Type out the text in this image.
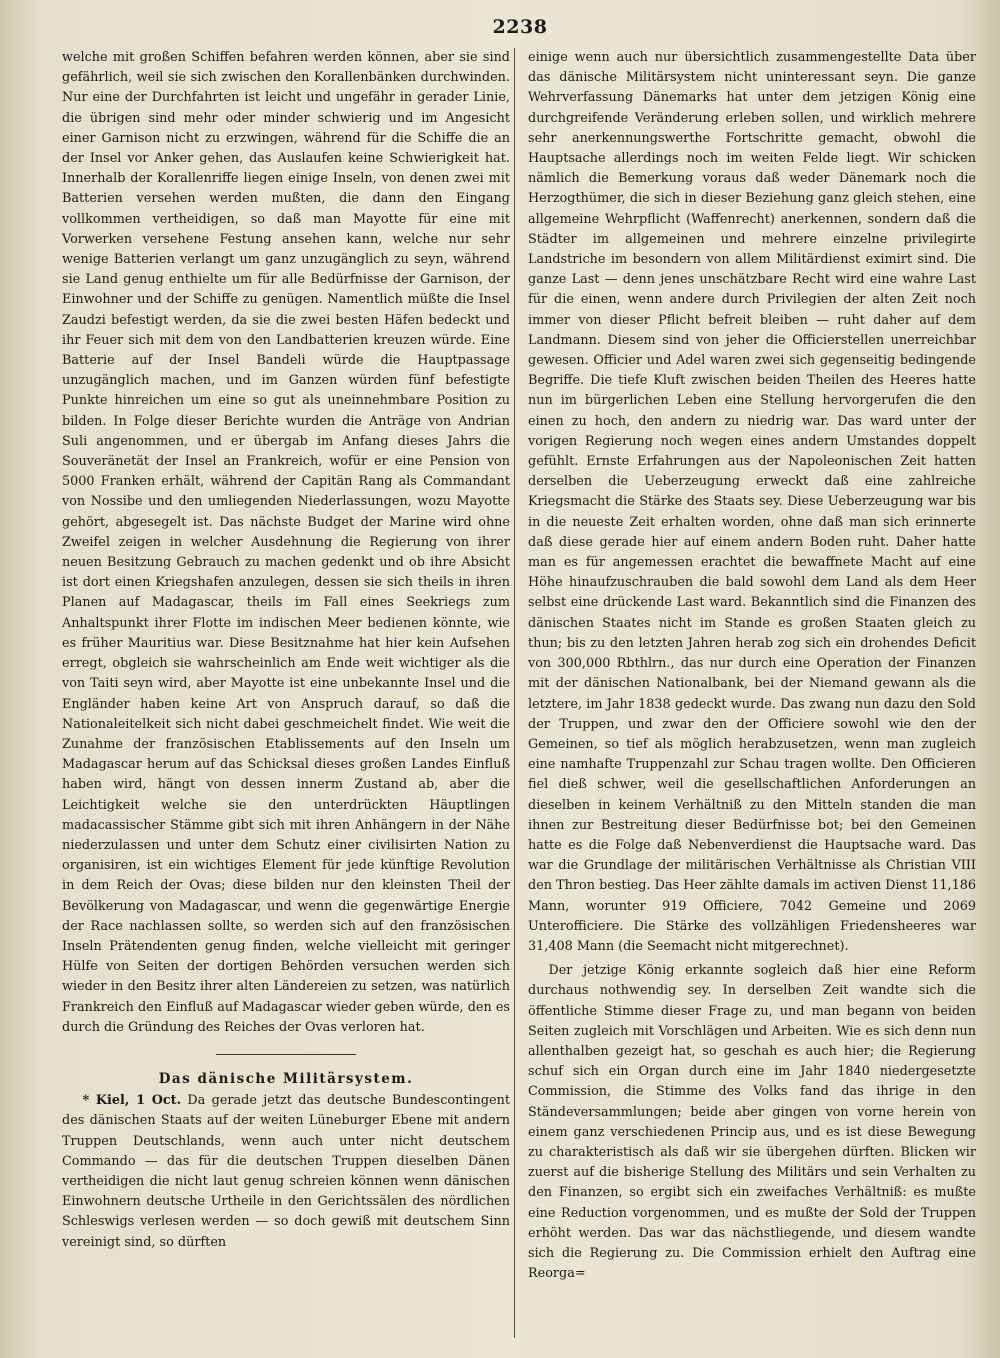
2238

welche mit großen Schiffen befahren werden können, aber sie sind gefährlich, weil sie sich zwischen den Korallenbänken durchwinden. Nur eine der Durchfahrten ist leicht und ungefähr in gerader Linie, die übrigen sind mehr oder minder schwierig und im Angesicht einer Garnison nicht zu erzwingen, während für die Schiffe die an der Insel vor Anker gehen, das Auslaufen keine Schwierigkeit hat. Innerhalb der Korallenriffe liegen einige Inseln, von denen zwei mit Batterien versehen werden mußten, die dann den Eingang vollkommen vertheidigen, so daß man Mayotte für eine mit Vorwerken versehene Festung ansehen kann, welche nur sehr wenige Batterien verlangt um ganz unzugänglich zu seyn, während sie Land genug enthielte um für alle Bedürfnisse der Garnison, der Einwohner und der Schiffe zu genügen. Namentlich müßte die Insel Zaudzi befestigt werden, da sie die zwei besten Häfen bedeckt und ihr Feuer sich mit dem von den Landbatterien kreuzen würde. Eine Batterie auf der Insel Bandeli würde die Hauptpassage unzugänglich machen, und im Ganzen würden fünf befestigte Punkte hinreichen um eine so gut als uneinnehmbare Position zu bilden. In Folge dieser Berichte wurden die Anträge von Andrian Suli angenommen, und er übergab im Anfang dieses Jahrs die Souveränetät der Insel an Frankreich, wofür er eine Pension von 5000 Franken erhält, während der Capitän Rang als Commandant von Nossibe und den umliegenden Niederlassungen, wozu Mayotte gehört, abgesegelt ist. Das nächste Budget der Marine wird ohne Zweifel zeigen in welcher Ausdehnung die Regierung von ihrer neuen Besitzung Gebrauch zu machen gedenkt und ob ihre Absicht ist dort einen Kriegshafen anzulegen, dessen sie sich theils in ihren Planen auf Madagascar, theils im Fall eines Seekriegs zum Anhaltspunkt ihrer Flotte im indischen Meer bedienen könnte, wie es früher Mauritius war. Diese Besitznahme hat hier kein Aufsehen erregt, obgleich sie wahrscheinlich am Ende weit wichtiger als die von Taiti seyn wird, aber Mayotte ist eine unbekannte Insel und die Engländer haben keine Art von Anspruch darauf, so daß die Nationaleitelkeit sich nicht dabei geschmeichelt findet. Wie weit die Zunahme der französischen Etablissements auf den Inseln um Madagascar herum auf das Schicksal dieses großen Landes Einfluß haben wird, hängt von dessen innerm Zustand ab, aber die Leichtigkeit welche sie den unterdrückten Häuptlingen madacassischer Stämme gibt sich mit ihren Anhängern in der Nähe niederzulassen und unter dem Schutz einer civilisirten Nation zu organisiren, ist ein wichtiges Element für jede künftige Revolution in dem Reich der Ovas; diese bilden nur den kleinsten Theil der Bevölkerung von Madagascar, und wenn die gegenwärtige Energie der Race nachlassen sollte, so werden sich auf den französischen Inseln Prätendenten genug finden, welche vielleicht mit geringer Hülfe von Seiten der dortigen Behörden versuchen werden sich wieder in den Besitz ihrer alten Ländereien zu setzen, was natürlich Frankreich den Einfluß auf Madagascar wieder geben würde, den es durch die Gründung des Reiches der Ovas verloren hat.

Das dänische Militärsystem.

* Kiel, 1 Oct. Da gerade jetzt das deutsche Bundescontingent des dänischen Staats auf der weiten Lüneburger Ebene mit andern Truppen Deutschlands, wenn auch unter nicht deutschem Commando — das für die deutschen Truppen dieselben Dänen vertheidigen die nicht laut genug schreien können wenn dänischen Einwohnern deutsche Urtheile in den Gerichtssälen des nördlichen Schleswigs verlesen werden — so doch gewiß mit deutschem Sinn vereinigt sind, so dürften

einige wenn auch nur übersichtlich zusammengestellte Data über das dänische Militärsystem nicht uninteressant seyn. Die ganze Wehrverfassung Dänemarks hat unter dem jetzigen König eine durchgreifende Veränderung erleben sollen, und wirklich mehrere sehr anerkennungswerthe Fortschritte gemacht, obwohl die Hauptsache allerdings noch im weiten Felde liegt. Wir schicken nämlich die Bemerkung voraus daß weder Dänemark noch die Herzogthümer, die sich in dieser Beziehung ganz gleich stehen, eine allgemeine Wehrpflicht (Waffenrecht) anerkennen, sondern daß die Städter im allgemeinen und mehrere einzelne privilegirte Landstriche im besondern von allem Militärdienst eximirt sind. Die ganze Last — denn jenes unschätzbare Recht wird eine wahre Last für die einen, wenn andere durch Privilegien der alten Zeit noch immer von dieser Pflicht befreit bleiben — ruht daher auf dem Landmann. Diesem sind von jeher die Officierstellen unerreichbar gewesen. Officier und Adel waren zwei sich gegenseitig bedingende Begriffe. Die tiefe Kluft zwischen beiden Theilen des Heeres hatte nun im bürgerlichen Leben eine Stellung hervorgerufen die den einen zu hoch, den andern zu niedrig war. Das ward unter der vorigen Regierung noch wegen eines andern Umstandes doppelt gefühlt. Ernste Erfahrungen aus der Napoleonischen Zeit hatten derselben die Ueberzeugung erweckt daß eine zahlreiche Kriegsmacht die Stärke des Staats sey. Diese Ueberzeugung war bis in die neueste Zeit erhalten worden, ohne daß man sich erinnerte daß diese gerade hier auf einem andern Boden ruht. Daher hatte man es für angemessen erachtet die bewaffnete Macht auf eine Höhe hinaufzuschrauben die bald sowohl dem Land als dem Heer selbst eine drückende Last ward. Bekanntlich sind die Finanzen des dänischen Staates nicht im Stande es großen Staaten gleich zu thun; bis zu den letzten Jahren herab zog sich ein drohendes Deficit von 300,000 Rbthlrn., das nur durch eine Operation der Finanzen mit der dänischen Nationalbank, bei der Niemand gewann als die letztere, im Jahr 1838 gedeckt wurde. Das zwang nun dazu den Sold der Truppen, und zwar den der Officiere sowohl wie den der Gemeinen, so tief als möglich herabzusetzen, wenn man zugleich eine namhafte Truppenzahl zur Schau tragen wollte. Den Officieren fiel dieß schwer, weil die gesellschaftlichen Anforderungen an dieselben in keinem Verhältniß zu den Mitteln standen die man ihnen zur Bestreitung dieser Bedürfnisse bot; bei den Gemeinen hatte es die Folge daß Nebenverdienst die Hauptsache ward. Das war die Grundlage der militärischen Verhältnisse als Christian VIII den Thron bestieg. Das Heer zählte damals im activen Dienst 11,186 Mann, worunter 919 Officiere, 7042 Gemeine und 2069 Unterofficiere. Die Stärke des vollzähligen Friedensheeres war 31,408 Mann (die Seemacht nicht mitgerechnet).

Der jetzige König erkannte sogleich daß hier eine Reform durchaus nothwendig sey. In derselben Zeit wandte sich die öffentliche Stimme dieser Frage zu, und man begann von beiden Seiten zugleich mit Vorschlägen und Arbeiten. Wie es sich denn nun allenthalben gezeigt hat, so geschah es auch hier; die Regierung schuf sich ein Organ durch eine im Jahr 1840 niedergesetzte Commission, die Stimme des Volks fand das ihrige in den Ständeversammlungen; beide aber gingen von vorne herein von einem ganz verschiedenen Princip aus, und es ist diese Bewegung zu charakteristisch als daß wir sie übergehen dürften. Blicken wir zuerst auf die bisherige Stellung des Militärs und sein Verhalten zu den Finanzen, so ergibt sich ein zweifaches Verhältniß: es mußte eine Reduction vorgenommen, und es mußte der Sold der Truppen erhöht werden. Das war das nächstliegende, und diesem wandte sich die Regierung zu. Die Commission erhielt den Auftrag eine Reorga=
